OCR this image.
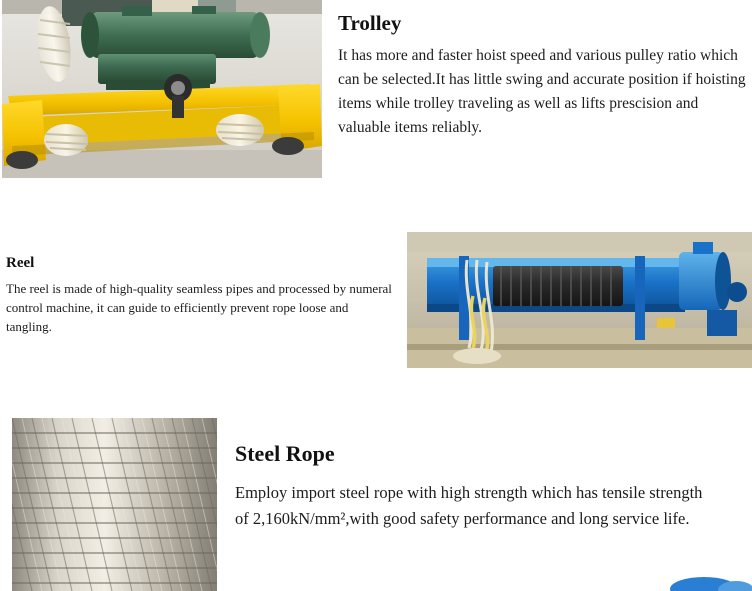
Trolley

It has more and faster hoist speed and various pulley ratio which can be selected.It has little swing and accurate position if hoisting items while trolley traveling as well as lifts prescision and valuable items reliably.

Reel

The reel is made of high-quality seamless pipes and processed by numeral control machine, it can guide to efficiently prevent rope loose and tangling.

Steel Rope

Employ import steel rope with high strength which has tensile strength of 2,160kN/mm²,with good safety performance and long service life.
